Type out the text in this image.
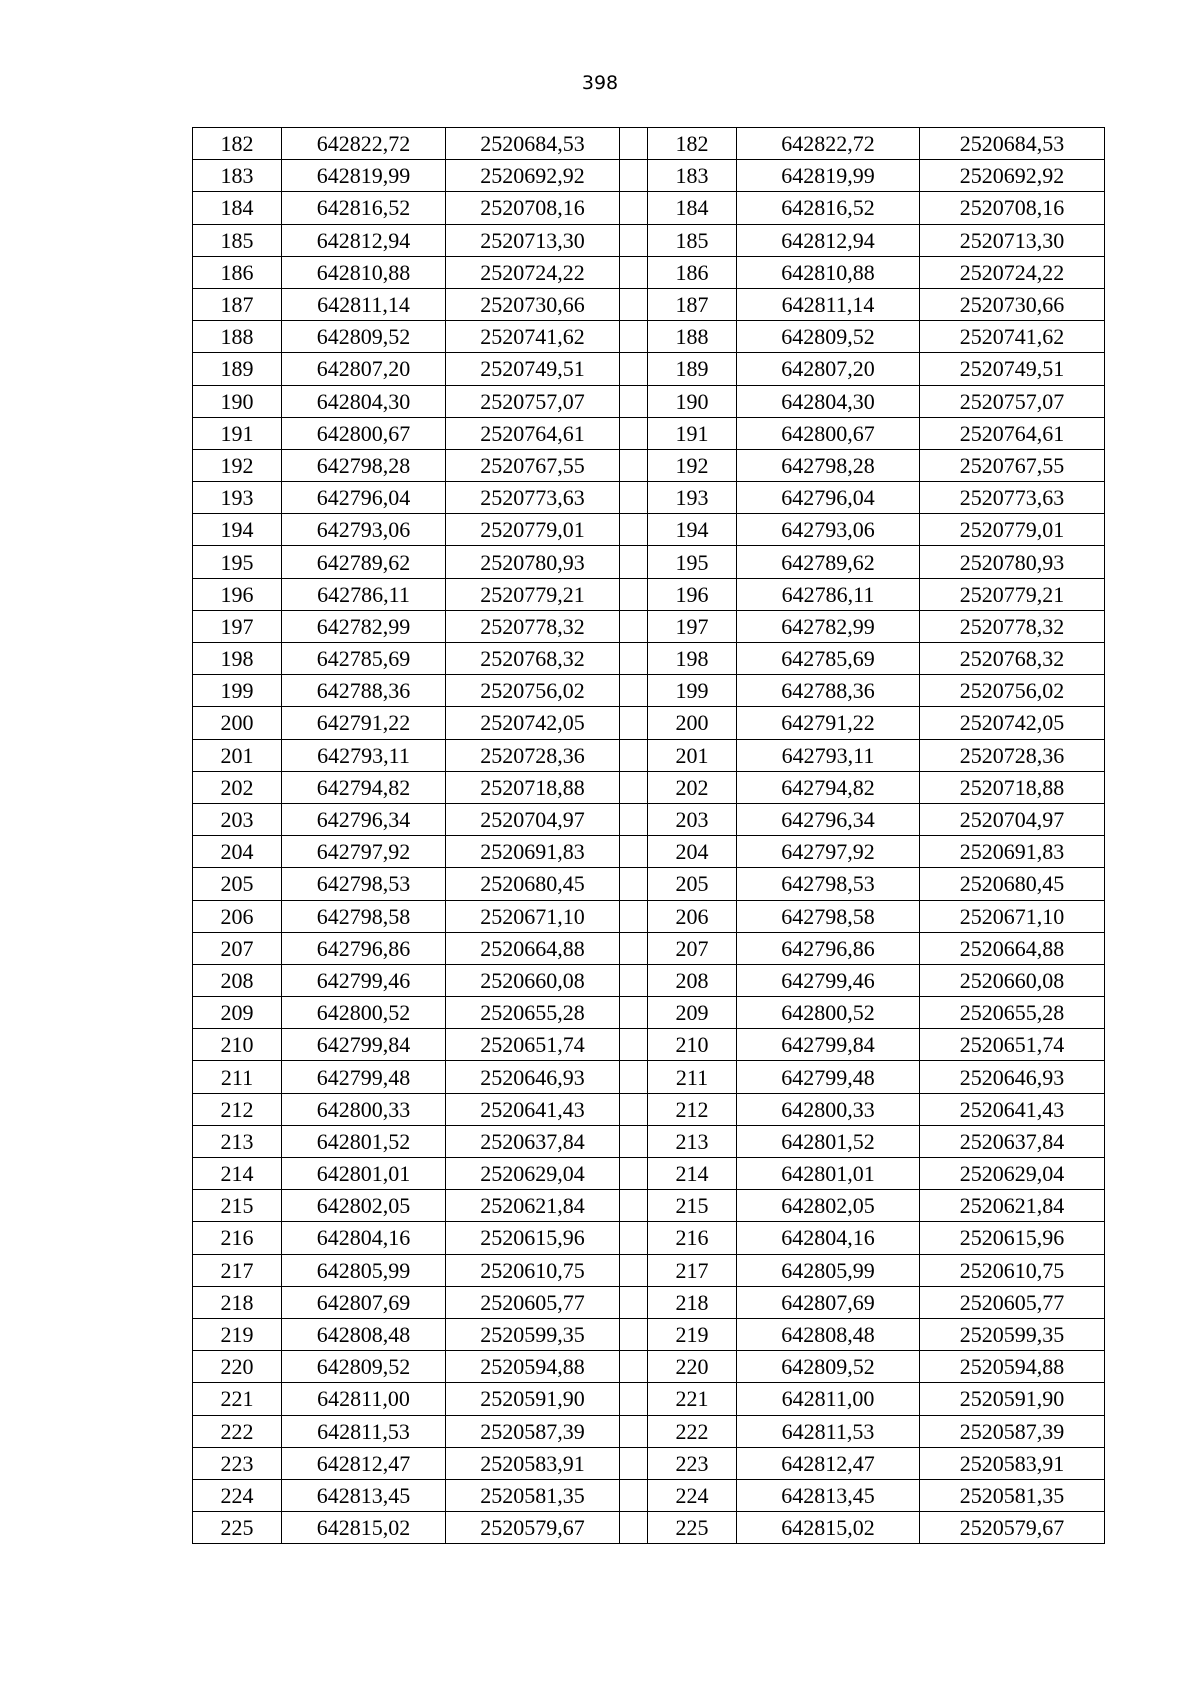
398
182	642822,72	2520684,53		182	642822,72	2520684,53
183	642819,99	2520692,92		183	642819,99	2520692,92
184	642816,52	2520708,16		184	642816,52	2520708,16
185	642812,94	2520713,30		185	642812,94	2520713,30
186	642810,88	2520724,22		186	642810,88	2520724,22
187	642811,14	2520730,66		187	642811,14	2520730,66
188	642809,52	2520741,62		188	642809,52	2520741,62
189	642807,20	2520749,51		189	642807,20	2520749,51
190	642804,30	2520757,07		190	642804,30	2520757,07
191	642800,67	2520764,61		191	642800,67	2520764,61
192	642798,28	2520767,55		192	642798,28	2520767,55
193	642796,04	2520773,63		193	642796,04	2520773,63
194	642793,06	2520779,01		194	642793,06	2520779,01
195	642789,62	2520780,93		195	642789,62	2520780,93
196	642786,11	2520779,21		196	642786,11	2520779,21
197	642782,99	2520778,32		197	642782,99	2520778,32
198	642785,69	2520768,32		198	642785,69	2520768,32
199	642788,36	2520756,02		199	642788,36	2520756,02
200	642791,22	2520742,05		200	642791,22	2520742,05
201	642793,11	2520728,36		201	642793,11	2520728,36
202	642794,82	2520718,88		202	642794,82	2520718,88
203	642796,34	2520704,97		203	642796,34	2520704,97
204	642797,92	2520691,83		204	642797,92	2520691,83
205	642798,53	2520680,45		205	642798,53	2520680,45
206	642798,58	2520671,10		206	642798,58	2520671,10
207	642796,86	2520664,88		207	642796,86	2520664,88
208	642799,46	2520660,08		208	642799,46	2520660,08
209	642800,52	2520655,28		209	642800,52	2520655,28
210	642799,84	2520651,74		210	642799,84	2520651,74
211	642799,48	2520646,93		211	642799,48	2520646,93
212	642800,33	2520641,43		212	642800,33	2520641,43
213	642801,52	2520637,84		213	642801,52	2520637,84
214	642801,01	2520629,04		214	642801,01	2520629,04
215	642802,05	2520621,84		215	642802,05	2520621,84
216	642804,16	2520615,96		216	642804,16	2520615,96
217	642805,99	2520610,75		217	642805,99	2520610,75
218	642807,69	2520605,77		218	642807,69	2520605,77
219	642808,48	2520599,35		219	642808,48	2520599,35
220	642809,52	2520594,88		220	642809,52	2520594,88
221	642811,00	2520591,90		221	642811,00	2520591,90
222	642811,53	2520587,39		222	642811,53	2520587,39
223	642812,47	2520583,91		223	642812,47	2520583,91
224	642813,45	2520581,35		224	642813,45	2520581,35
225	642815,02	2520579,67		225	642815,02	2520579,67
